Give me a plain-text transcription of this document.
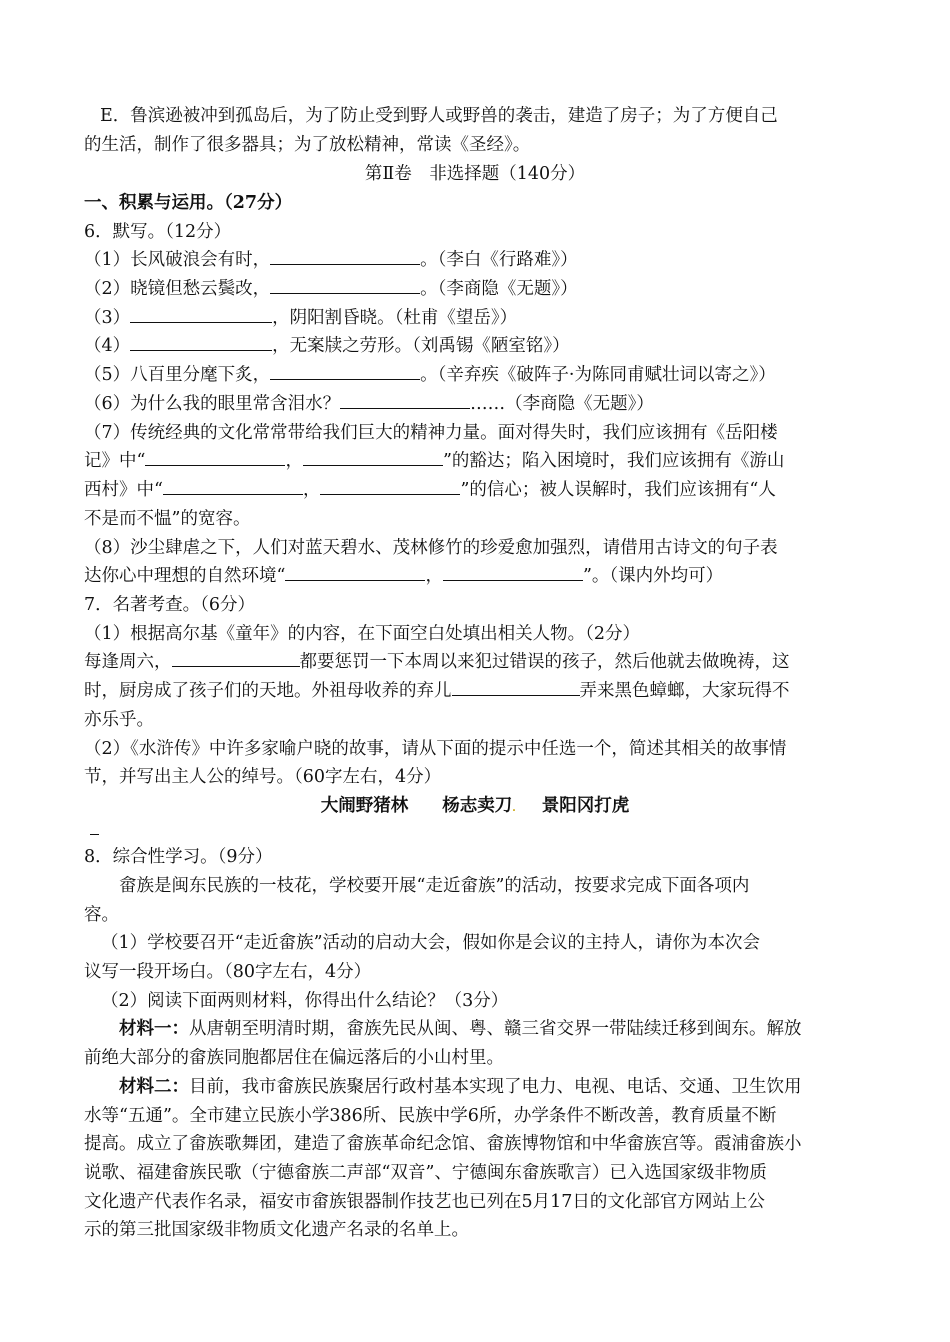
E．鲁滨逊被冲到孤岛后，为了防止受到野人或野兽的袭击，建造了房子；为了方便自己
的生活，制作了很多器具；为了放松精神，常读《圣经》。
第Ⅱ卷　非选择题（140分）
一、积累与运用。（27分）
6．默写。（12分）
（1）长风破浪会有时，	。（李白《行路难》）
（2）晓镜但愁云鬓改，	。（李商隐《无题》）
（3）	，阴阳割昏晓。（杜甫《望岳》）
（4）	，无案牍之劳形。（刘禹锡《陋室铭》）
（5）八百里分麾下炙，	。（辛弃疾《破阵子·为陈同甫赋壮词以寄之》）
（6）为什么我的眼里常含泪水？	……（李商隐《无题》）
（7）传统经典的文化常常带给我们巨大的精神力量。面对得失时，我们应该拥有《岳阳楼
记》中“	，	”的豁达；陷入困境时，我们应该拥有《游山
西村》中“	，	”的信心；被人误解时，我们应该拥有“人
不是而不愠”的宽容。
（8）沙尘肆虐之下，人们对蓝天碧水、茂林修竹的珍爱愈加强烈，请借用古诗文的句子表
达你心中理想的自然环境“	，	”。（课内外均可）
7．名著考查。（6分）
（1）根据高尔基《童年》的内容，在下面空白处填出相关人物。（2分）
每逢周六，	都要惩罚一下本周以来犯过错误的孩子，然后他就去做晚祷，这
时，厨房成了孩子们的天地。外祖母收养的弃儿	弄来黑色蟑螂，大家玩得不
亦乐乎。
（2）《水浒传》中许多家喻户晓的故事，请从下面的提示中任选一个，简述其相关的故事情
节，并写出主人公的绰号。（60字左右，4分）
大闹野猪林 杨志卖刀. 景阳冈打虎
8．综合性学习。（9分）
畲族是闽东民族的一枝花，学校要开展“走近畲族”的活动，按要求完成下面各项内
容。
（1）学校要召开“走近畲族”活动的启动大会，假如你是会议的主持人，请你为本次会
议写一段开场白。（80字左右，4分）
（2）阅读下面两则材料，你得出什么结论？（3分）
材料一：从唐朝至明清时期，畲族先民从闽、粤、赣三省交界一带陆续迁移到闽东。解放
前绝大部分的畲族同胞都居住在偏远落后的小山村里。
材料二：目前，我市畲族民族聚居行政村基本实现了电力、电视、电话、交通、卫生饮用
水等“五通”。全市建立民族小学386所、民族中学6所，办学条件不断改善，教育质量不断
提高。成立了畲族歌舞团，建造了畲族革命纪念馆、畲族博物馆和中华畲族宫等。霞浦畲族小
说歌、福建畲族民歌（宁德畲族二声部“双音”、宁德闽东畲族歌言）已入选国家级非物质
文化遗产代表作名录，福安市畲族银器制作技艺也已列在5月17日的文化部官方网站上公
示的第三批国家级非物质文化遗产名录的名单上。
